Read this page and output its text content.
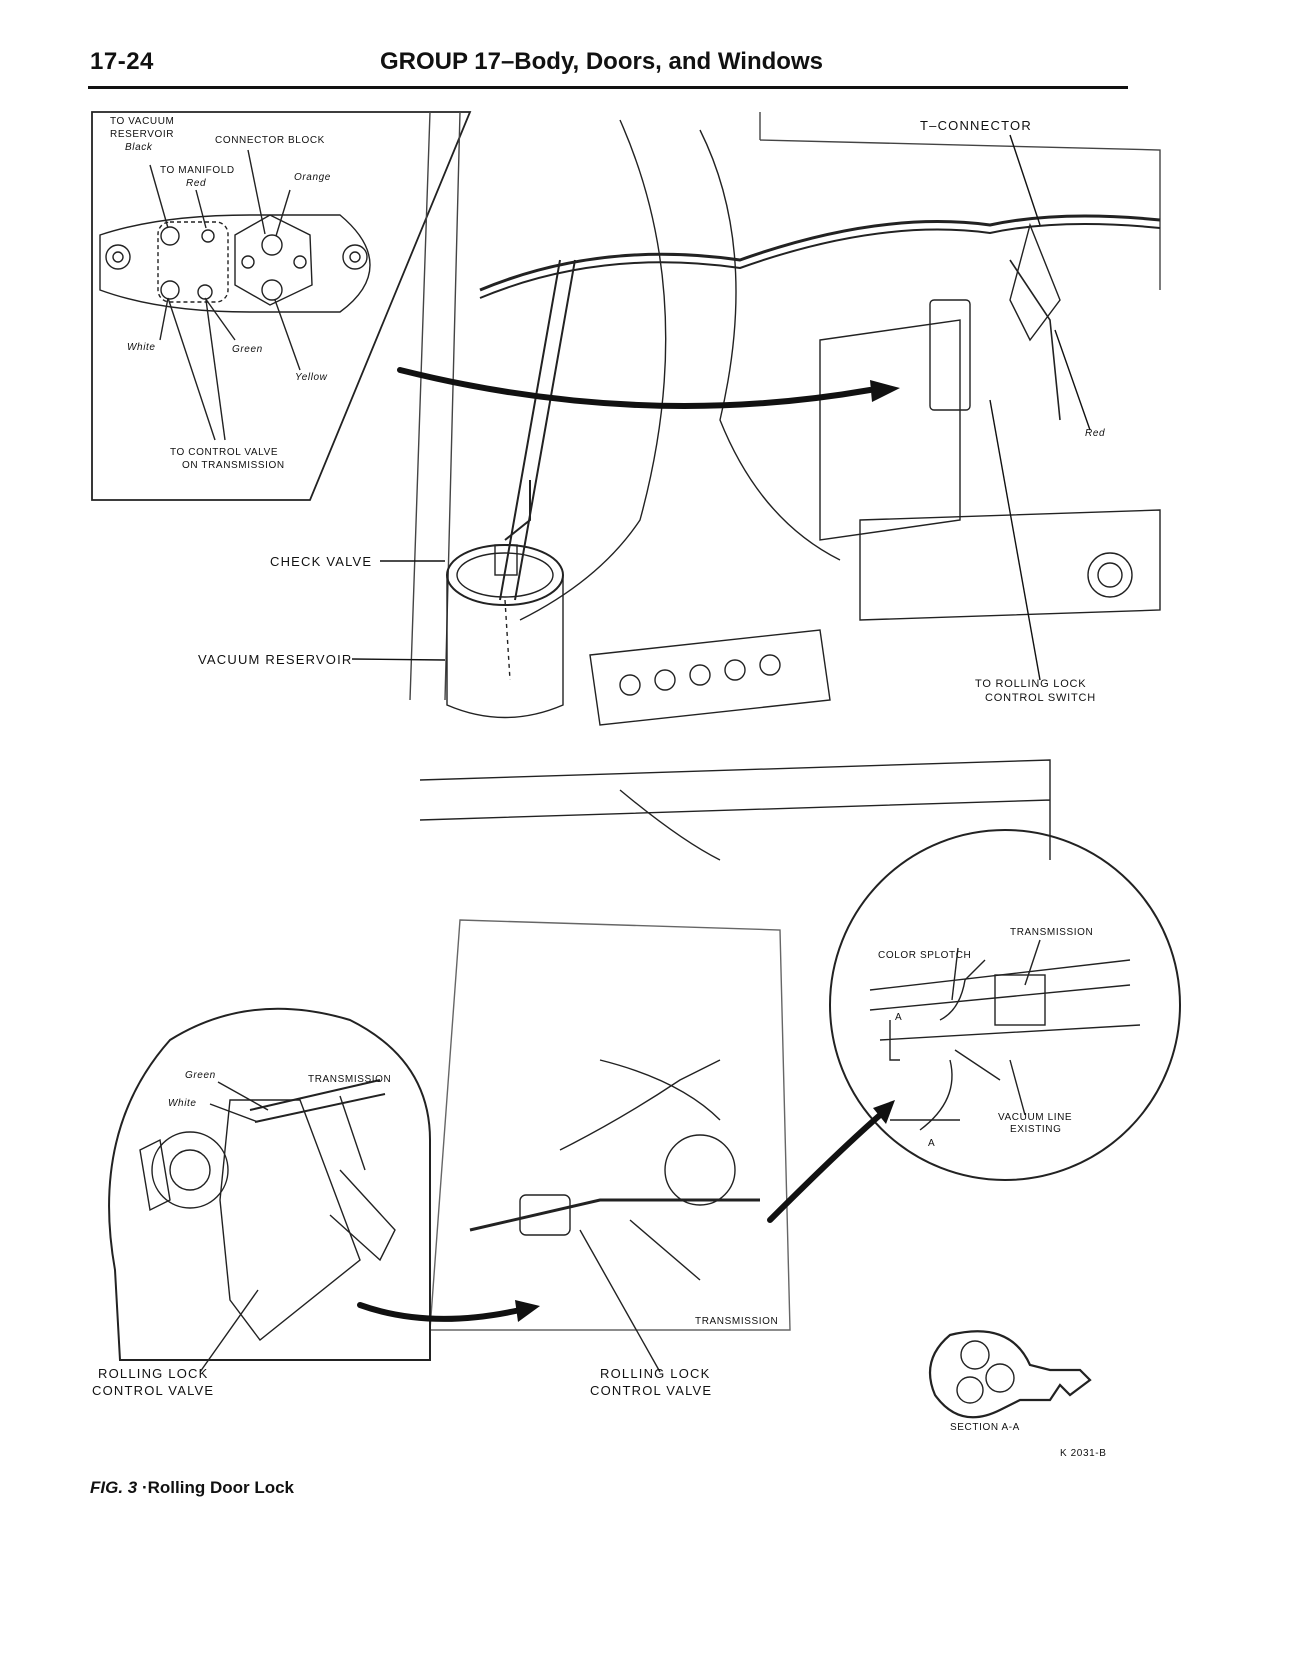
17-24	GROUP 17–Body, Doors, and Windows
TO VACUUM
RESERVOIR
Black
CONNECTOR BLOCK
TO MANIFOLD
Red
Orange
White	Green
Yellow
TO CONTROL VALVE
ON TRANSMISSION
T–CONNECTOR
Red
CHECK VALVE
VACUUM RESERVOIR
TO ROLLING LOCK
CONTROL SWITCH
Green	TRANSMISSION
White
ROLLING LOCK
CONTROL VALVE
TRANSMISSION
ROLLING LOCK
CONTROL VALVE
TRANSMISSION
COLOR SPLOTCH
A
VACUUM LINE
EXISTING
A
SECTION A-A
K 2031-B
FIG. 3 ·Rolling Door Lock
